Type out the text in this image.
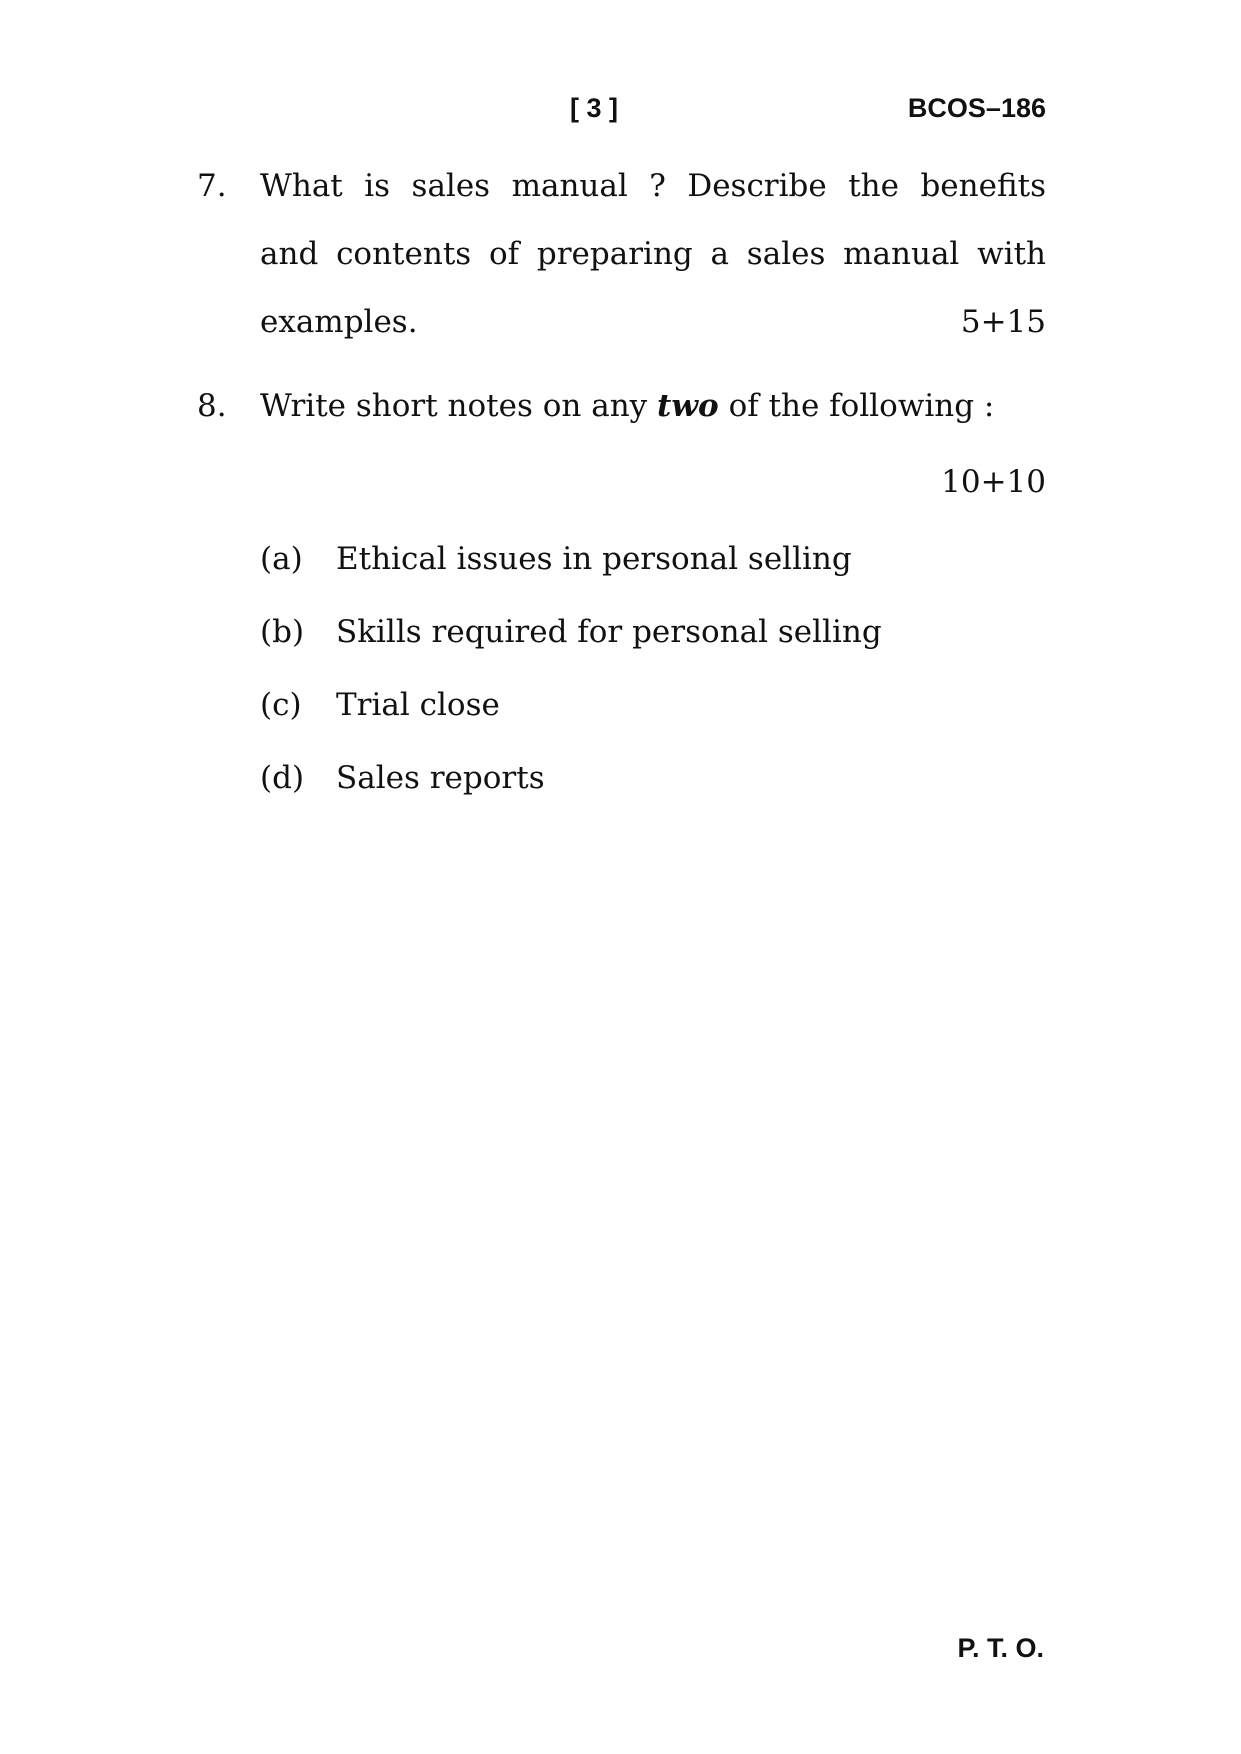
[ 3 ]	BCOS–186
7. What is sales manual ? Describe the benefits
and contents of preparing a sales manual with
examples.	5+15
8. Write short notes on any two of the following :
10+10
(a) Ethical issues in personal selling
(b) Skills required for personal selling
(c) Trial close
(d) Sales reports
P. T. O.
